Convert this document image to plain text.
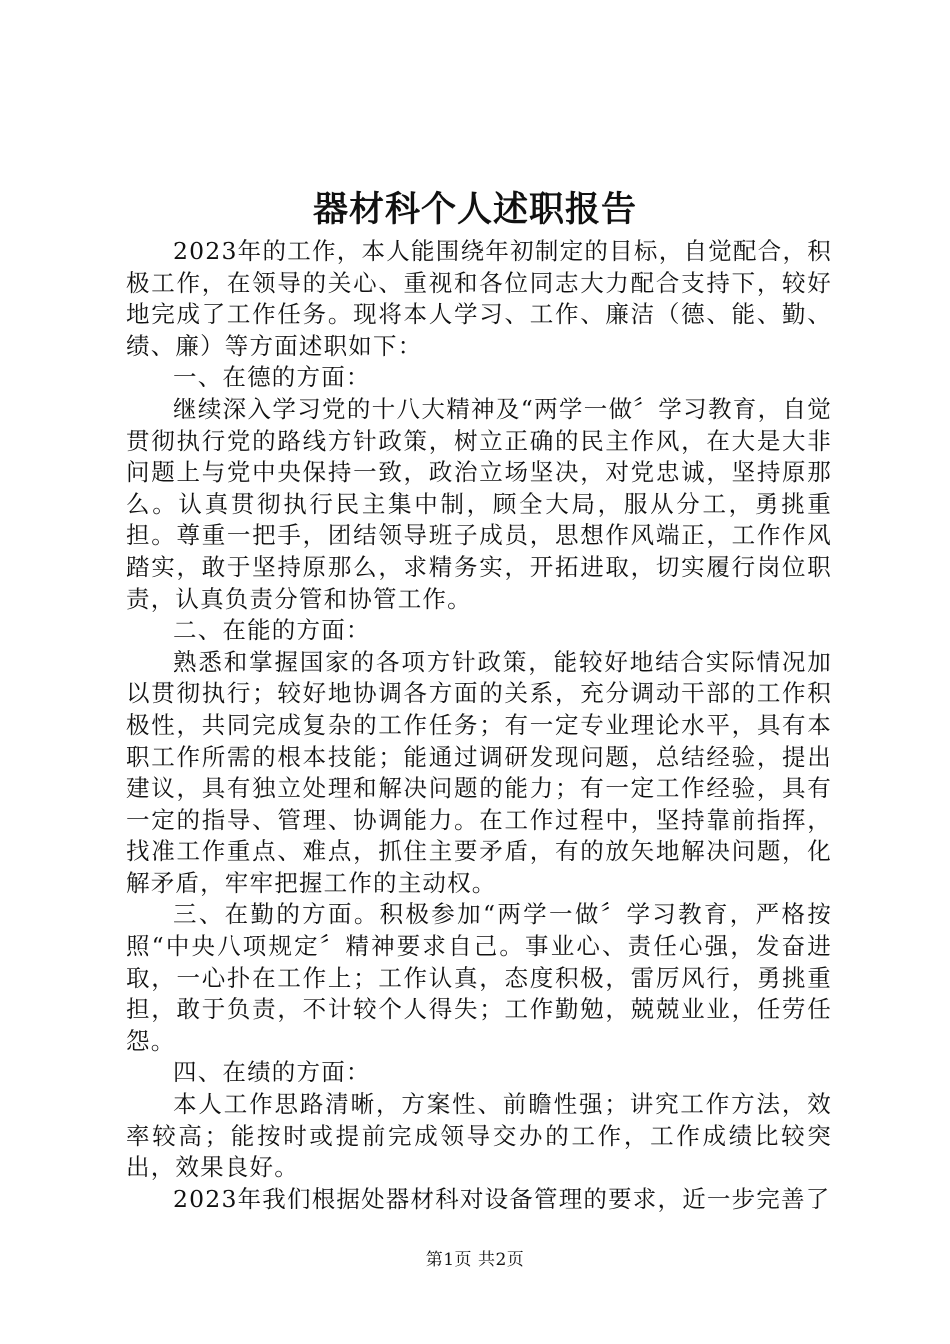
器材科个人述职报告

2023年的工作，本人能围绕年初制定的目标，自觉配合，积极工作，在领导的关心、重视和各位同志大力配合支持下，较好地完成了工作任务。现将本人学习、工作、廉洁（德、能、勤、绩、廉）等方面述职如下：

一、在德的方面：

继续深入学习党的十八大精神及“两学一做〞学习教育，自觉贯彻执行党的路线方针政策，树立正确的民主作风，在大是大非问题上与党中央保持一致，政治立场坚决，对党忠诚，坚持原那么。认真贯彻执行民主集中制，顾全大局，服从分工，勇挑重担。尊重一把手，团结领导班子成员，思想作风端正，工作作风踏实，敢于坚持原那么，求精务实，开拓进取，切实履行岗位职责，认真负责分管和协管工作。

二、在能的方面：

熟悉和掌握国家的各项方针政策，能较好地结合实际情况加以贯彻执行；较好地协调各方面的关系，充分调动干部的工作积极性，共同完成复杂的工作任务；有一定专业理论水平，具有本职工作所需的根本技能；能通过调研发现问题，总结经验，提出建议，具有独立处理和解决问题的能力；有一定工作经验，具有一定的指导、管理、协调能力。在工作过程中，坚持靠前指挥，找准工作重点、难点，抓住主要矛盾，有的放矢地解决问题，化解矛盾，牢牢把握工作的主动权。

三、在勤的方面。积极参加“两学一做〞学习教育，严格按照“中央八项规定〞精神要求自己。事业心、责任心强，发奋进取，一心扑在工作上；工作认真，态度积极，雷厉风行，勇挑重担，敢于负责，不计较个人得失；工作勤勉，兢兢业业，任劳任怨。

四、在绩的方面：

本人工作思路清晰，方案性、前瞻性强；讲究工作方法，效率较高；能按时或提前完成领导交办的工作，工作成绩比较突出，效果良好。

2023年我们根据处器材科对设备管理的要求，近一步完善了

第1页 共2页
